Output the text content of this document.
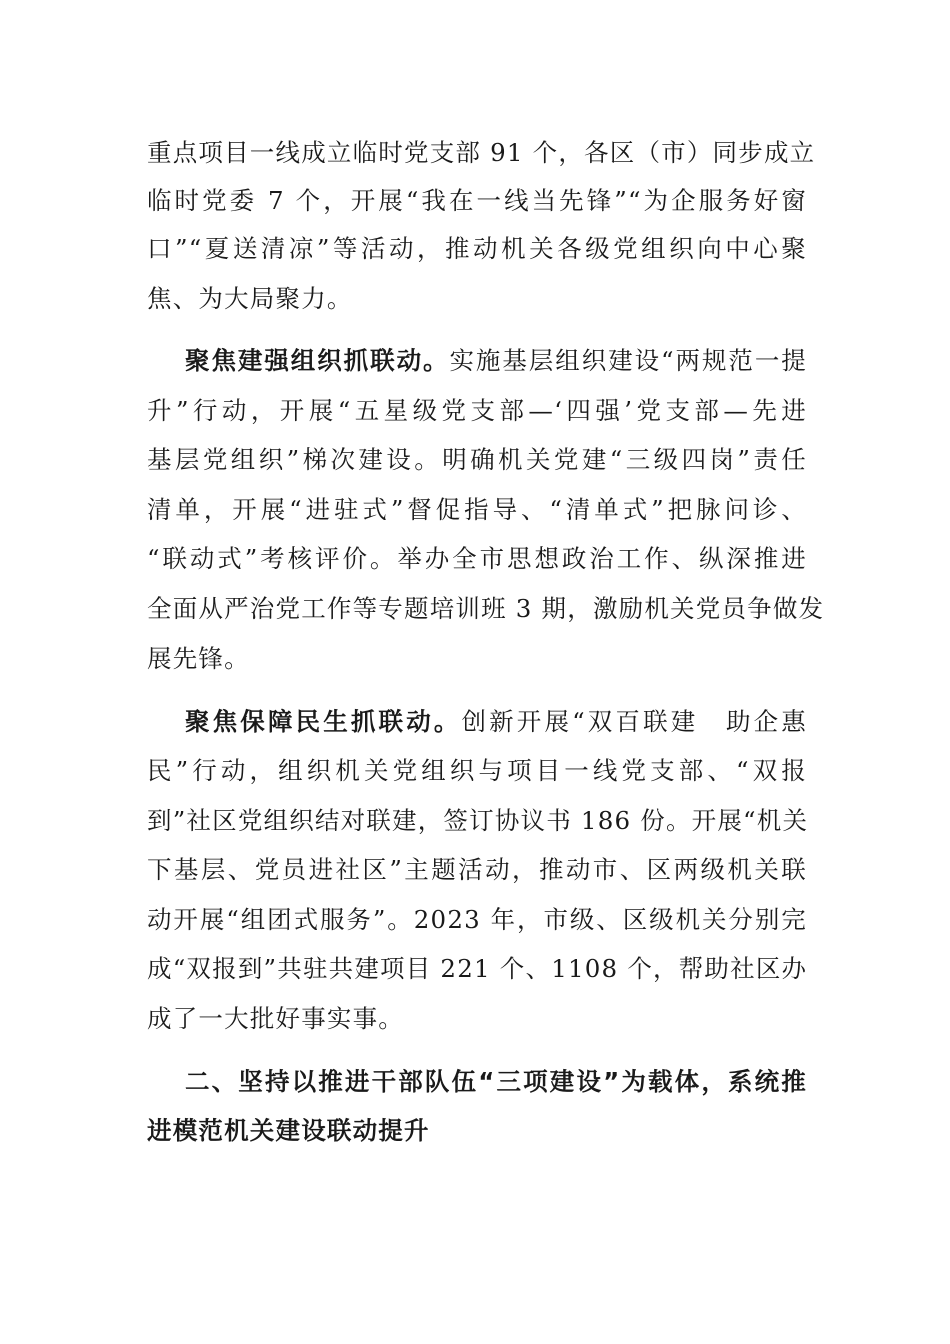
重点项目一线成立临时党支部 91 个，各区（市）同步成立
临时党委 7 个，开展“我在一线当先锋”“为企服务好窗
口”“夏送清凉”等活动，推动机关各级党组织向中心聚
焦、为大局聚力。
聚焦建强组织抓联动。实施基层组织建设“两规范一提
升”行动，开展“五星级党支部—‘四强’党支部—先进
基层党组织”梯次建设。明确机关党建“三级四岗”责任
清单，开展“进驻式”督促指导、“清单式”把脉问诊、
“联动式”考核评价。举办全市思想政治工作、纵深推进
全面从严治党工作等专题培训班 3 期，激励机关党员争做发
展先锋。
聚焦保障民生抓联动。创新开展“双百联建　助企惠
民”行动，组织机关党组织与项目一线党支部、“双报
到”社区党组织结对联建，签订协议书 186 份。开展“机关
下基层、党员进社区”主题活动，推动市、区两级机关联
动开展“组团式服务”。2023 年，市级、区级机关分别完
成“双报到”共驻共建项目 221 个、1108 个，帮助社区办
成了一大批好事实事。
二、坚持以推进干部队伍“三项建设”为载体，系统推
进模范机关建设联动提升
